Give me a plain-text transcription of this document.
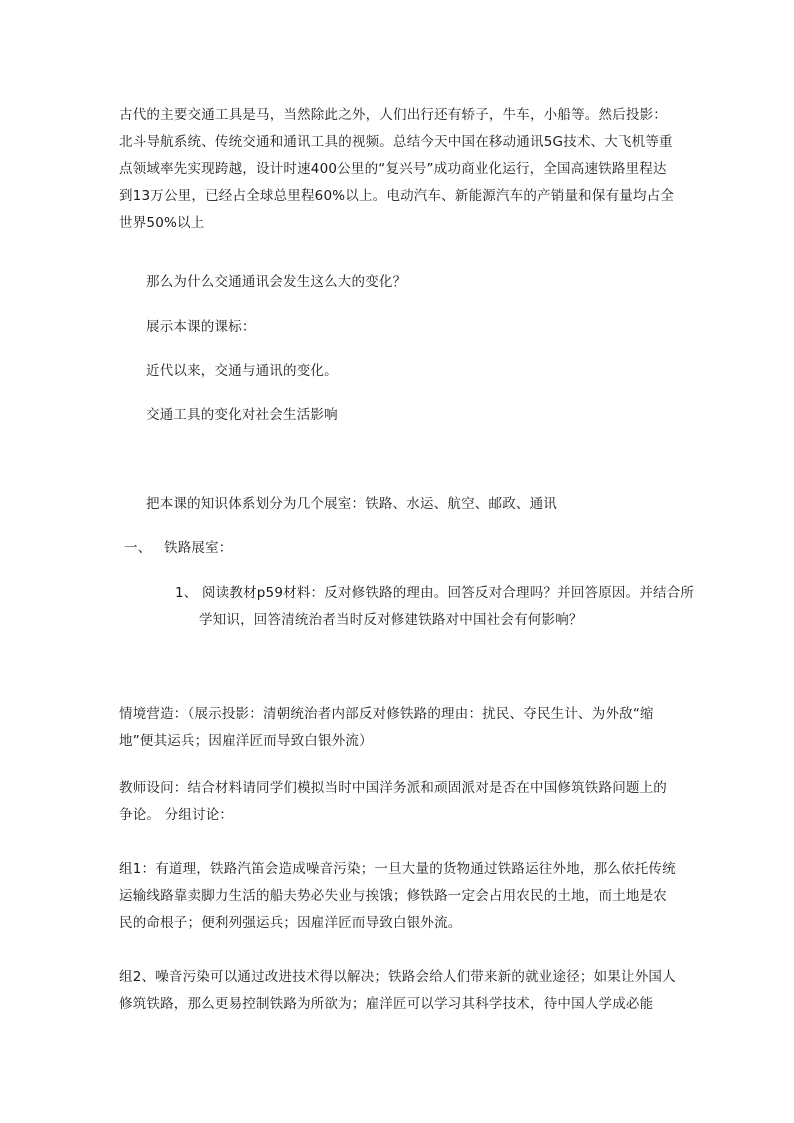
古代的主要交通工具是马，当然除此之外，人们出行还有轿子，牛车，小船等。然后投影：北斗导航系统、传统交通和通讯工具的视频。总结今天中国在移动通讯5G技术、大飞机等重点领域率先实现跨越，设计时速400公里的“复兴号”成功商业化运行，全国高速铁路里程达到13万公里，已经占全球总里程60%以上。电动汽车、新能源汽车的产销量和保有量均占全世界50%以上

那么为什么交通通讯会发生这么大的变化？

展示本课的课标：

近代以来，交通与通讯的变化。

交通工具的变化对社会生活影响

把本课的知识体系划分为几个展室：铁路、水运、航空、邮政、通讯

一、 铁路展室：

1、 阅读教材p59材料：反对修铁路的理由。回答反对合理吗？并回答原因。并结合所学知识，回答清统治者当时反对修建铁路对中国社会有何影响？

情境营造：（展示投影：清朝统治者内部反对修铁路的理由：扰民、夺民生计、为外敌“缩地”便其运兵；因雇洋匠而导致白银外流）

教师设问：结合材料请同学们模拟当时中国洋务派和顽固派对是否在中国修筑铁路问题上的争论。 分组讨论：

组1：有道理，铁路汽笛会造成噪音污染；一旦大量的货物通过铁路运往外地，那么依托传统运输线路靠卖脚力生活的船夫势必失业与挨饿；修铁路一定会占用农民的土地，而土地是农民的命根子；便利列强运兵；因雇洋匠而导致白银外流。

组2、噪音污染可以通过改进技术得以解决；铁路会给人们带来新的就业途径；如果让外国人修筑铁路，那么更易控制铁路为所欲为；雇洋匠可以学习其科学技术，待中国人学成必能
